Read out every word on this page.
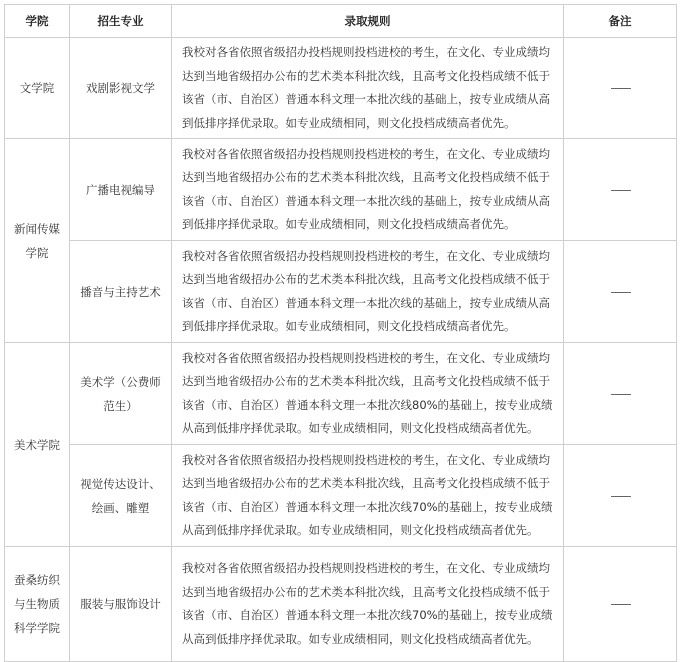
学院	招生专业	录取规则	备注
文学院	戏剧影视文学	我校对各省依照省级招办投档规则投档进校的考生，在文化、专业成绩均达到当地省级招办公布的艺术类本科批次线，且高考文化投档成绩不低于该省（市、自治区）普通本科文理一本批次线的基础上，按专业成绩从高到低排序择优录取。如专业成绩相同，则文化投档成绩高者优先。	——
新闻传媒学院	广播电视编导	我校对各省依照省级招办投档规则投档进校的考生，在文化、专业成绩均达到当地省级招办公布的艺术类本科批次线，且高考文化投档成绩不低于该省（市、自治区）普通本科文理一本批次线的基础上，按专业成绩从高到低排序择优录取。如专业成绩相同，则文化投档成绩高者优先。	——
	播音与主持艺术	我校对各省依照省级招办投档规则投档进校的考生，在文化、专业成绩均达到当地省级招办公布的艺术类本科批次线，且高考文化投档成绩不低于该省（市、自治区）普通本科文理一本批次线的基础上，按专业成绩从高到低排序择优录取。如专业成绩相同，则文化投档成绩高者优先。	——
美术学院	美术学（公费师范生）	我校对各省依照省级招办投档规则投档进校的考生，在文化、专业成绩均达到当地省级招办公布的艺术类本科批次线，且高考文化投档成绩不低于该省（市、自治区）普通本科文理一本批次线80%的基础上，按专业成绩从高到低排序择优录取。如专业成绩相同，则文化投档成绩高者优先。	——
	视觉传达设计、绘画、雕塑	我校对各省依照省级招办投档规则投档进校的考生，在文化、专业成绩均达到当地省级招办公布的艺术类本科批次线，且高考文化投档成绩不低于该省（市、自治区）普通本科文理一本批次线70%的基础上，按专业成绩从高到低排序择优录取。如专业成绩相同，则文化投档成绩高者优先。	——
蚕桑纺织与生物质科学学院	服装与服饰设计	我校对各省依照省级招办投档规则投档进校的考生，在文化、专业成绩均达到当地省级招办公布的艺术类本科批次线，且高考文化投档成绩不低于该省（市、自治区）普通本科文理一本批次线70%的基础上，按专业成绩从高到低排序择优录取。如专业成绩相同，则文化投档成绩高者优先。	——
